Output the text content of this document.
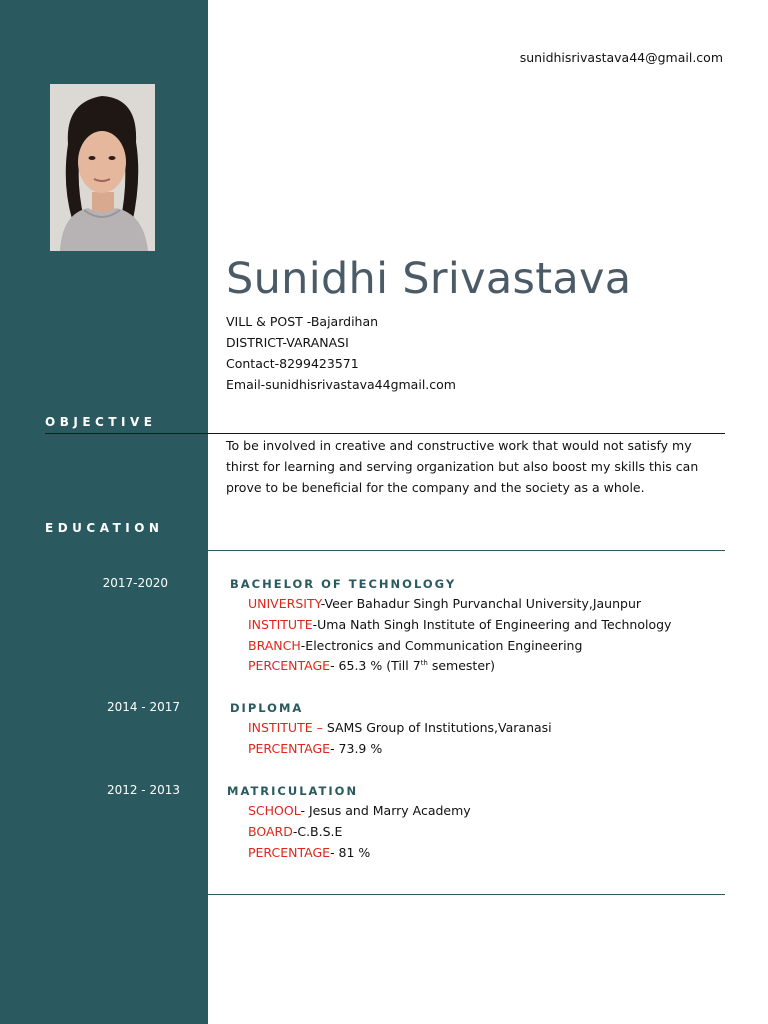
sunidhisrivastava44@gmail.com
Sunidhi Srivastava
VILL & POST -Bajardihan
DISTRICT-VARANASI
Contact-8299423571
Email-sunidhisrivastava44gmail.com
OBJECTIVE
To be involved in creative and constructive work that would not satisfy my thirst for learning and serving organization but also boost my skills this can prove to be beneficial for the company and the society as a whole.
EDUCATION
2017-2020	BACHELOR OF TECHNOLOGY
UNIVERSITY-Veer Bahadur Singh Purvanchal University,Jaunpur
INSTITUTE-Uma Nath Singh Institute of Engineering and Technology
BRANCH-Electronics and Communication Engineering
PERCENTAGE- 65.3 % (Till 7th semester)
2014 - 2017	DIPLOMA
INSTITUTE – SAMS Group of Institutions,Varanasi
PERCENTAGE- 73.9 %
2012 - 2013	MATRICULATION
SCHOOL- Jesus and Marry Academy
BOARD-C.B.S.E
PERCENTAGE- 81 %
